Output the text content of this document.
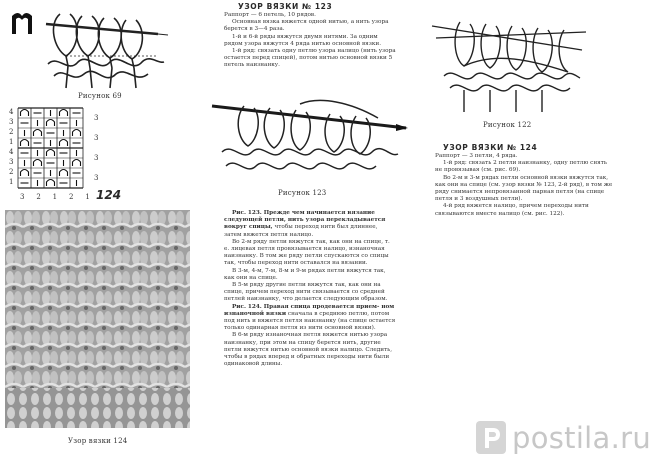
Рисунок 69
4
3
2
1
4
3
2
1
3
3
3
3
3 2 1 2 1 124
Узор вязки 124
УЗОР ВЯЗКИ № 123

Раппорт — 6 петель, 10 рядов.

Основная вязка вяжется одной нитью, а нить узора берется в 3—4 раза.

1-й и 6-й ряды вяжутся двумя нитями. За одним рядом узора вяжутся 4 ряда нитью основной вязки.

1-й ряд: связать одну петлю узора налицо (нить узора остается перед спицей), потом нитью основной вязки 5 петель наизнанку.

Рисунок 123

Рис. 123. Прежде чем начинается вязание следующей петли, нить узора перекладывается вокруг спицы, чтобы переход нити был длиннее, затем вяжется петля налицо.

Во 2-м ряду петли вяжутся так, как они на спице, т. е. лицевая петля провязывается налицо, изнаночная наизнанку. В том же ряду петли спускаются со спицы так, чтобы переход нити оставался на вязании.

В 3-м, 4-м, 7-м, 8-м и 9-м рядах петли вяжутся так, как они на спице.

В 5-м ряду другие петли вяжутся так, как они на спице, причем переход нити связывается со средней петлей наизнанку, что делается следующим образом.

Рис. 124. Правая спица продевается прием- ном изнаночной вязки сначала в среднюю петлю, потом под нить и вяжется петля наизнанку (на спице остается только одинарная петля из нити основной вязки).

В 6-м ряду изнаночная петля вяжется нитью узора наизнанку, при этом на спицу берется нить, другие петли вяжутся нитью основной вязки налицо. Следить, чтобы в рядах вперед и обратных переходы нити были одинаковой длины.

Рисунок 122
УЗОР ВЯЗКИ № 124

Раппорт — 3 петли, 4 ряда.

1-й ряд: связать 2 петли наизнанку, одну петлю снять не провязывая (см. рис. 69).

Во 2-м и 3-м рядах петли основной вязки вяжутся так, как они на спице (см. узор вязки № 123, 2-й ряд), в том же ряду снимается непровязанной парная петля (на спице петля и 3 воздушных петли).

4-й ряд вяжется налицо, причем переходы нити связываются вместе налицо (см. рис. 122).

postila.ru
